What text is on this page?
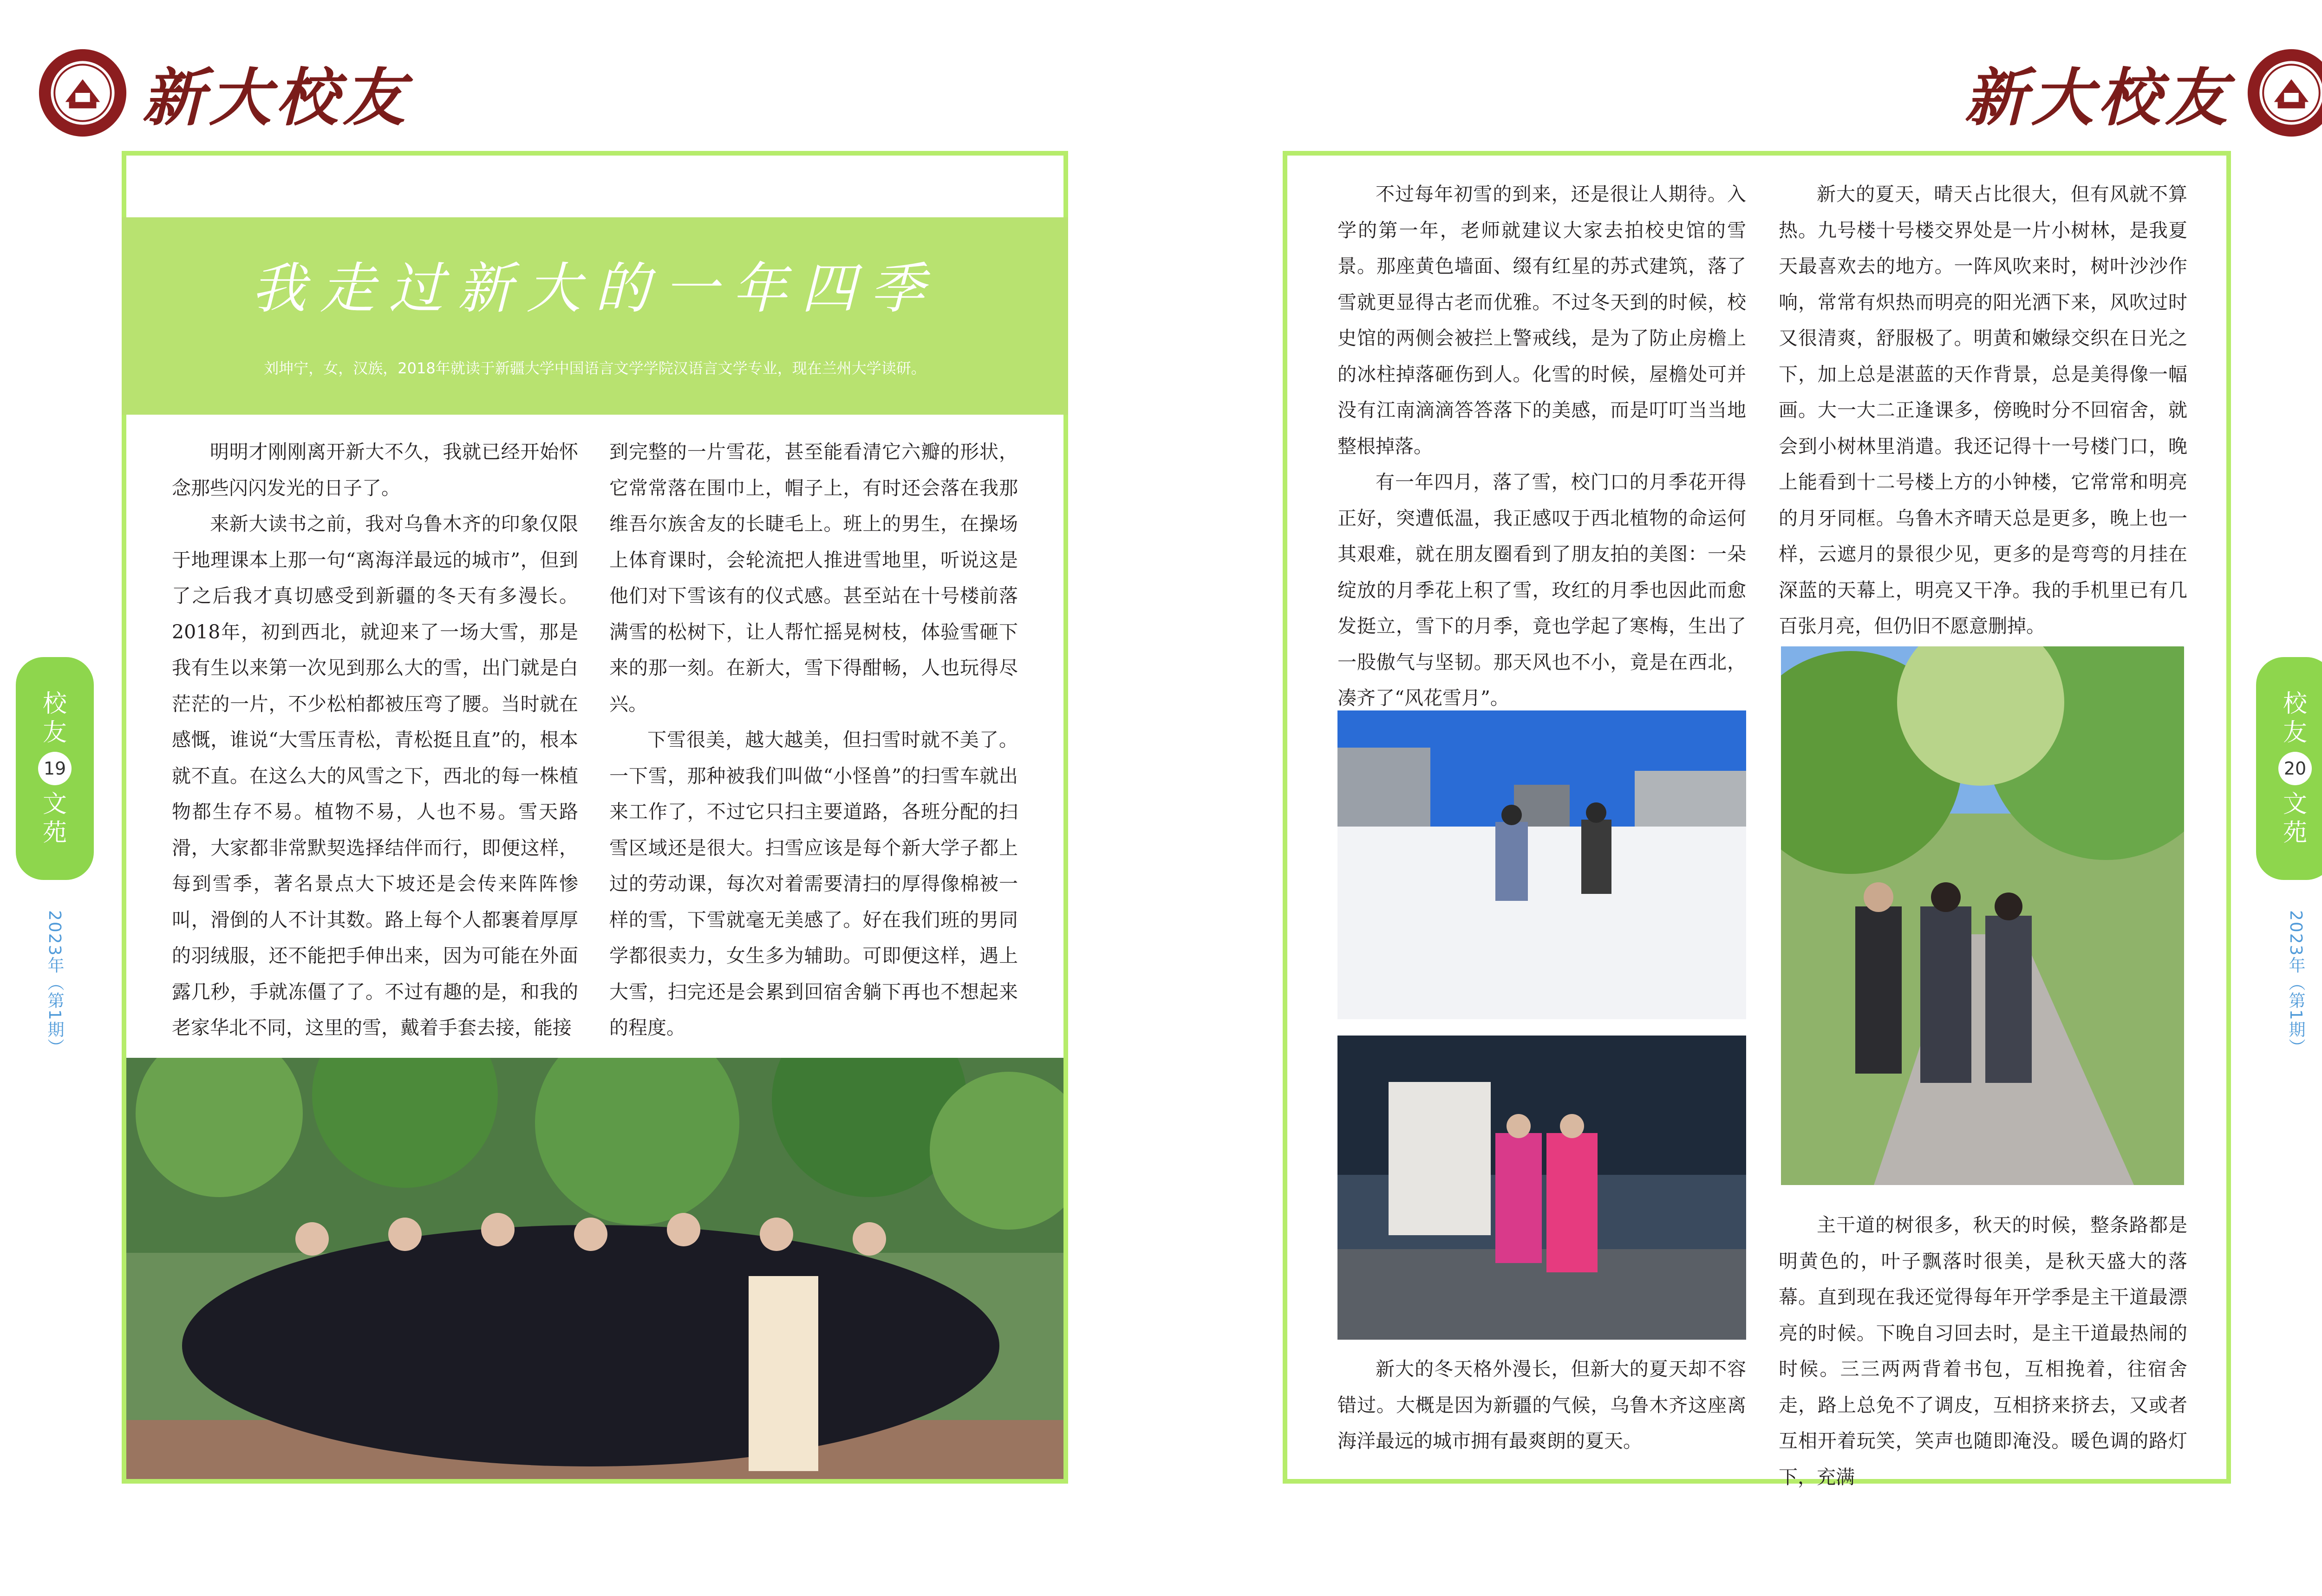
新大校友
我走过新大的一年四季
刘坤宁，女，汉族，2018年就读于新疆大学中国语言文学学院汉语言文学专业，现在兰州大学读研。

明明才刚刚离开新大不久，我就已经开始怀念那些闪闪发光的日子了。

来新大读书之前，我对乌鲁木齐的印象仅限于地理课本上那一句“离海洋最远的城市”，但到了之后我才真切感受到新疆的冬天有多漫长。2018年，初到西北，就迎来了一场大雪，那是我有生以来第一次见到那么大的雪，出门就是白茫茫的一片，不少松柏都被压弯了腰。当时就在感慨，谁说“大雪压青松，青松挺且直”的，根本就不直。在这么大的风雪之下，西北的每一株植物都生存不易。植物不易，人也不易。雪天路滑，大家都非常默契选择结伴而行，即便这样，每到雪季，著名景点大下坡还是会传来阵阵惨叫，滑倒的人不计其数。路上每个人都裹着厚厚的羽绒服，还不能把手伸出来，因为可能在外面露几秒，手就冻僵了了。不过有趣的是，和我的老家华北不同，这里的雪，戴着手套去接，能接

到完整的一片雪花，甚至能看清它六瓣的形状，它常常落在围巾上，帽子上，有时还会落在我那维吾尔族舍友的长睫毛上。班上的男生，在操场上体育课时，会轮流把人推进雪地里，听说这是他们对下雪该有的仪式感。甚至站在十号楼前落满雪的松树下，让人帮忙摇晃树枝，体验雪砸下来的那一刻。在新大，雪下得酣畅，人也玩得尽兴。

下雪很美，越大越美，但扫雪时就不美了。一下雪，那种被我们叫做“小怪兽”的扫雪车就出来工作了，不过它只扫主要道路，各班分配的扫雪区域还是很大。扫雪应该是每个新大学子都上过的劳动课，每次对着需要清扫的厚得像棉被一样的雪，下雪就毫无美感了。好在我们班的男同学都很卖力，女生多为辅助。可即便这样，遇上大雪，扫完还是会累到回宿舍躺下再也不想起来的程度。

校
友
19
文
苑
2023年（第1期）
新大校友

不过每年初雪的到来，还是很让人期待。入学的第一年，老师就建议大家去拍校史馆的雪景。那座黄色墙面、缀有红星的苏式建筑，落了雪就更显得古老而优雅。不过冬天到的时候，校史馆的两侧会被拦上警戒线，是为了防止房檐上的冰柱掉落砸伤到人。化雪的时候，屋檐处可并没有江南滴滴答答落下的美感，而是叮叮当当地整根掉落。

有一年四月，落了雪，校门口的月季花开得正好，突遭低温，我正感叹于西北植物的命运何其艰难，就在朋友圈看到了朋友拍的美图：一朵绽放的月季花上积了雪，玫红的月季也因此而愈发挺立，雪下的月季，竟也学起了寒梅，生出了一股傲气与坚韧。那天风也不小，竟是在西北，凑齐了“风花雪月”。

新大的冬天格外漫长，但新大的夏天却不容错过。大概是因为新疆的气候，乌鲁木齐这座离海洋最远的城市拥有最爽朗的夏天。

新大的夏天，晴天占比很大，但有风就不算热。九号楼十号楼交界处是一片小树林，是我夏天最喜欢去的地方。一阵风吹来时，树叶沙沙作响，常常有炽热而明亮的阳光洒下来，风吹过时又很清爽，舒服极了。明黄和嫩绿交织在日光之下，加上总是湛蓝的天作背景，总是美得像一幅画。大一大二正逢课多，傍晚时分不回宿舍，就会到小树林里消遣。我还记得十一号楼门口，晚上能看到十二号楼上方的小钟楼，它常常和明亮的月牙同框。乌鲁木齐晴天总是更多，晚上也一样，云遮月的景很少见，更多的是弯弯的月挂在深蓝的天幕上，明亮又干净。我的手机里已有几百张月亮，但仍旧不愿意删掉。

主干道的树很多，秋天的时候，整条路都是明黄色的，叶子飘落时很美，是秋天盛大的落幕。直到现在我还觉得每年开学季是主干道最漂亮的时候。下晚自习回去时，是主干道最热闹的时候。三三两两背着书包，互相挽着，往宿舍走，路上总免不了调皮，互相挤来挤去，又或者互相开着玩笑，笑声也随即淹没。暖色调的路灯下，充满

校
友
20
文
苑
2023年（第1期）
